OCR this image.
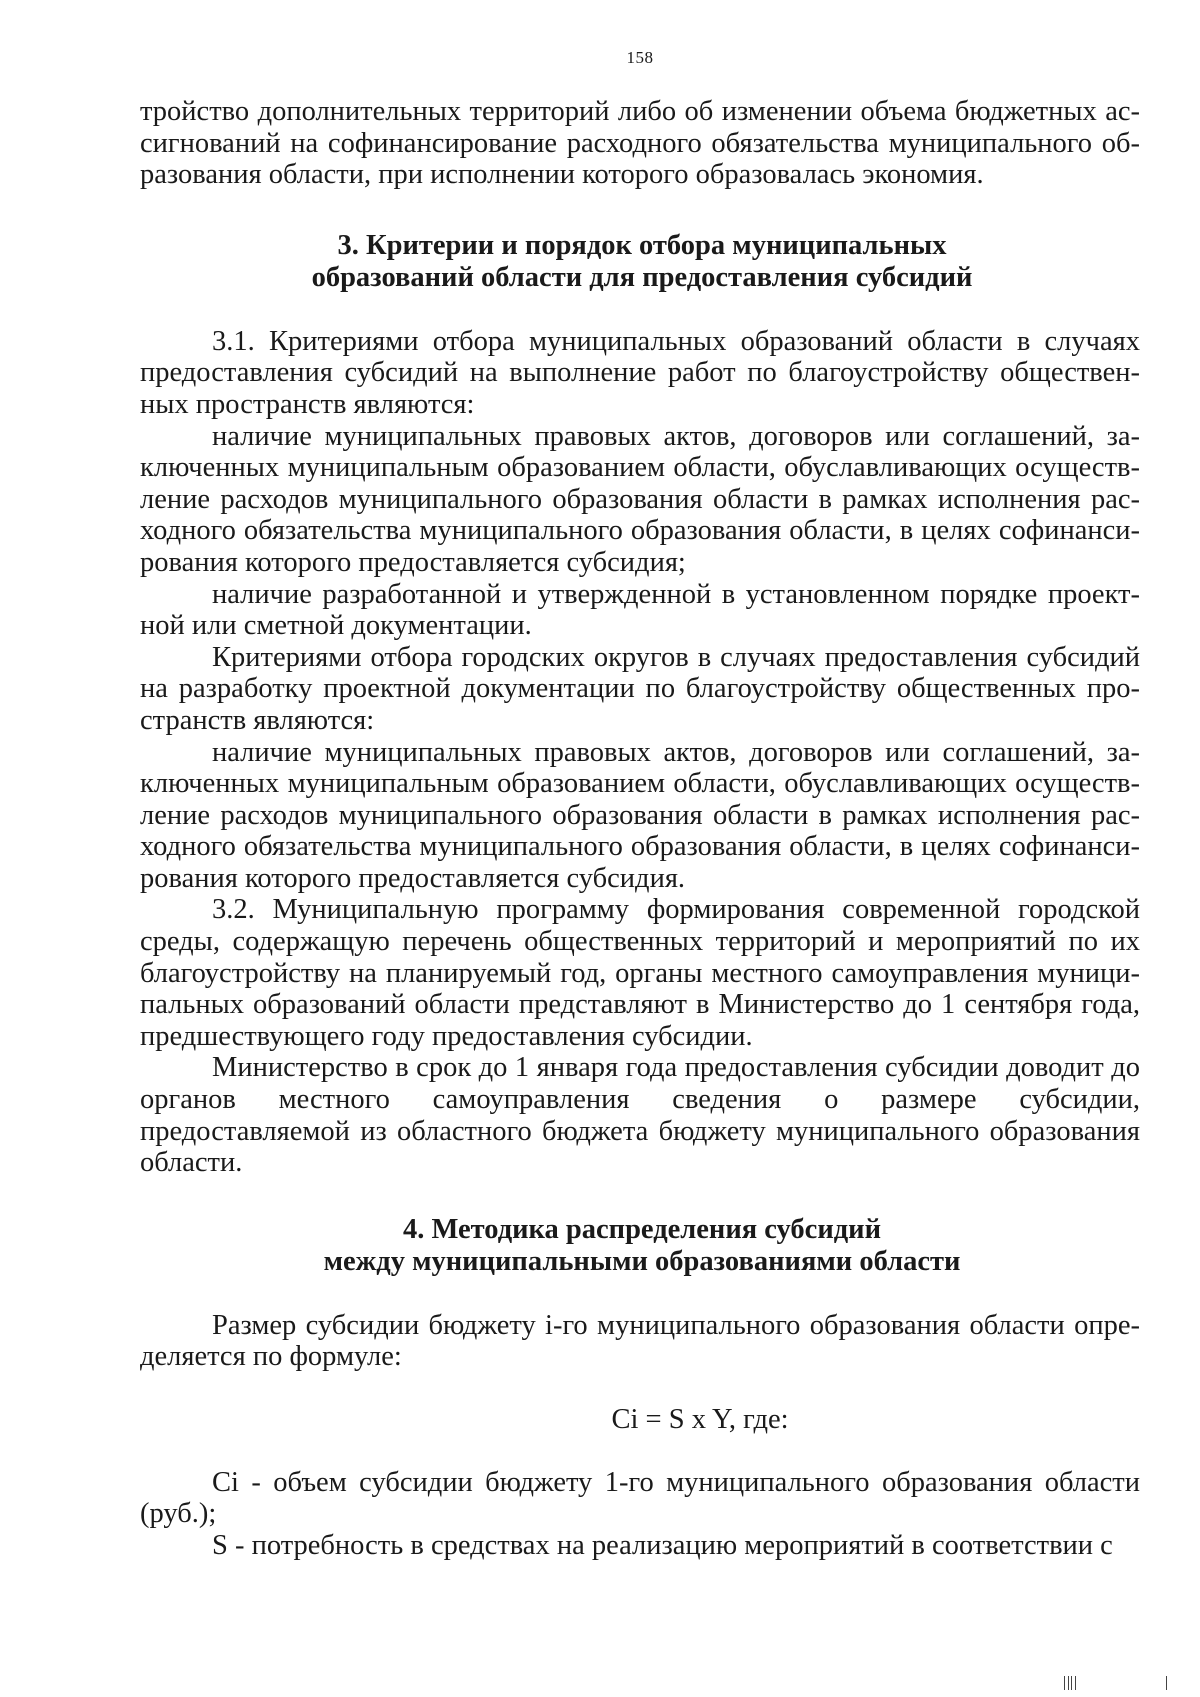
158

тройство дополнительных территорий либо об изменении объема бюджетных ассигнований на софинансирование расходного обязательства муниципального образования области, при исполнении которого образовалась экономия.

3. Критерии и порядок отбора муниципальных
образований области для предоставления субсидий

3.1. Критериями отбора муниципальных образований области в случаях предоставления субсидий на выполнение работ по благоустройству общественных пространств являются:

наличие муниципальных правовых актов, договоров или соглашений, заключенных муниципальным образованием области, обуславливающих осуществление расходов муниципального образования области в рамках исполнения расходного обязательства муниципального образования области, в целях софинансирования которого предоставляется субсидия;

наличие разработанной и утвержденной в установленном порядке проектной или сметной документации.

Критериями отбора городских округов в случаях предоставления субсидий на разработку проектной документации по благоустройству общественных пространств являются:

наличие муниципальных правовых актов, договоров или соглашений, заключенных муниципальным образованием области, обуславливающих осуществление расходов муниципального образования области в рамках исполнения расходного обязательства муниципального образования области, в целях софинансирования которого предоставляется субсидия.

3.2. Муниципальную программу формирования современной городской среды, содержащую перечень общественных территорий и мероприятий по их благоустройству на планируемый год, органы местного самоуправления муниципальных образований области представляют в Министерство до 1 сентября года, предшествующего году предоставления субсидии.

Министерство в срок до 1 января года предоставления субсидии доводит до органов местного самоуправления сведения о размере субсидии, предоставляемой из областного бюджета бюджету муниципального образования области.

4. Методика распределения субсидий
между муниципальными образованиями области

Размер субсидии бюджету i-го муниципального образования области определяется по формуле:

Ci = S x Y, где:

Ci - объем субсидии бюджету 1-го муниципального образования области (руб.);

S - потребность в средствах на реализацию мероприятий в соответствии с
